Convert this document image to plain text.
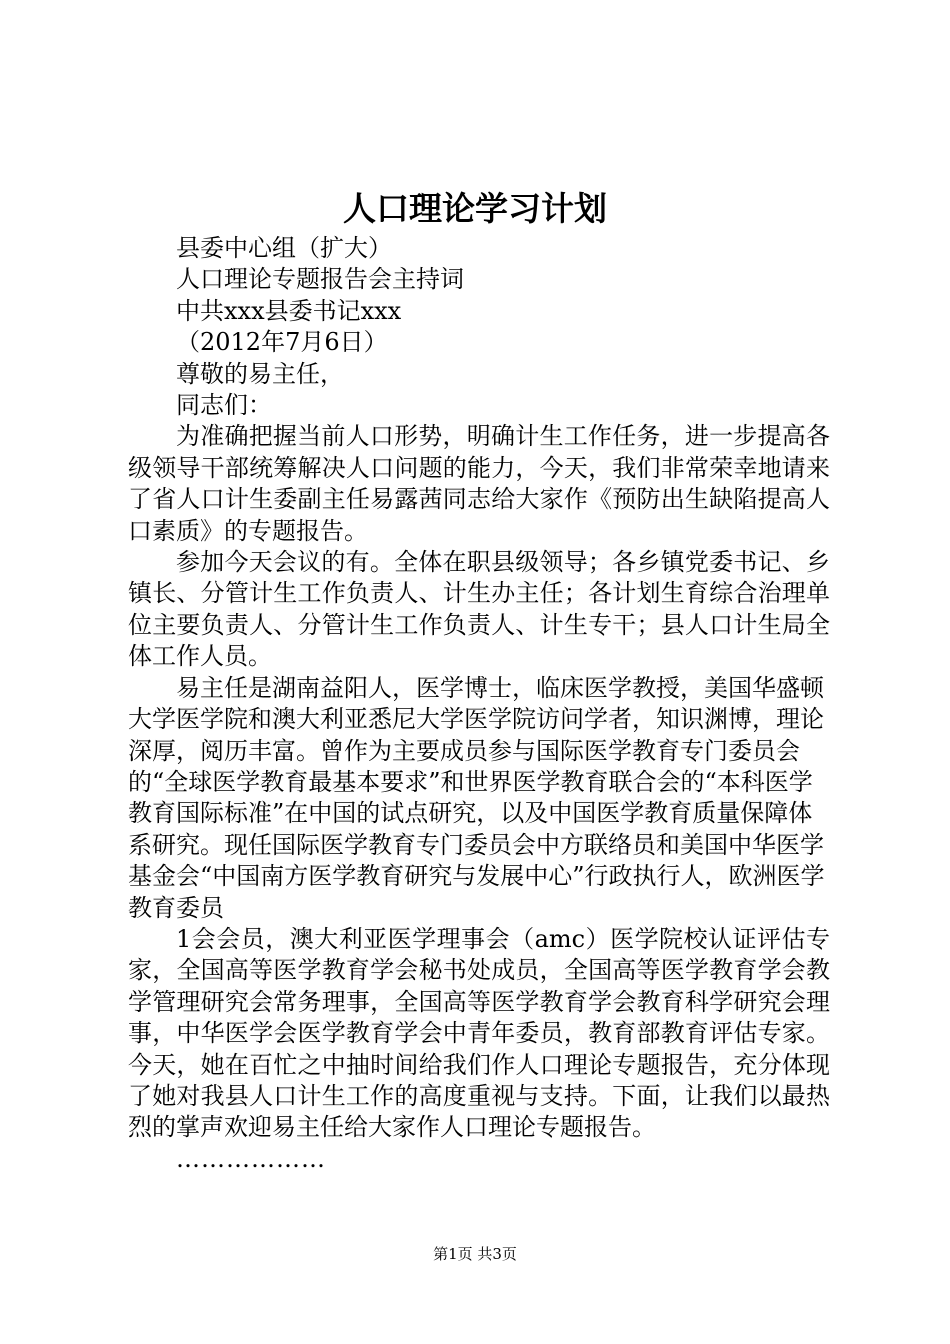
人口理论学习计划
县委中心组（扩大）
人口理论专题报告会主持词
中共xxx县委书记xxx
（2012年7月6日）
尊敬的易主任，
同志们：

为准确把握当前人口形势，明确计生工作任务，进一步提高各级领导干部统筹解决人口问题的能力，今天，我们非常荣幸地请来了省人口计生委副主任易露茜同志给大家作《预防出生缺陷提高人口素质》的专题报告。

参加今天会议的有。全体在职县级领导；各乡镇党委书记、乡镇长、分管计生工作负责人、计生办主任；各计划生育综合治理单位主要负责人、分管计生工作负责人、计生专干；县人口计生局全体工作人员。

易主任是湖南益阳人，医学博士，临床医学教授，美国华盛顿大学医学院和澳大利亚悉尼大学医学院访问学者，知识渊博，理论深厚，阅历丰富。曾作为主要成员参与国际医学教育专门委员会的“全球医学教育最基本要求”和世界医学教育联合会的“本科医学教育国际标准”在中国的试点研究，以及中国医学教育质量保障体系研究。现任国际医学教育专门委员会中方联络员和美国中华医学基金会“中国南方医学教育研究与发展中心”行政执行人，欧洲医学教育委员

1会会员，澳大利亚医学理事会（amc）医学院校认证评估专家，全国高等医学教育学会秘书处成员，全国高等医学教育学会教学管理研究会常务理事，全国高等医学教育学会教育科学研究会理事，中华医学会医学教育学会中青年委员，教育部教育评估专家。今天，她在百忙之中抽时间给我们作人口理论专题报告，充分体现了她对我县人口计生工作的高度重视与支持。下面，让我们以最热烈的掌声欢迎易主任给大家作人口理论专题报告。

………………
第1页 共3页
